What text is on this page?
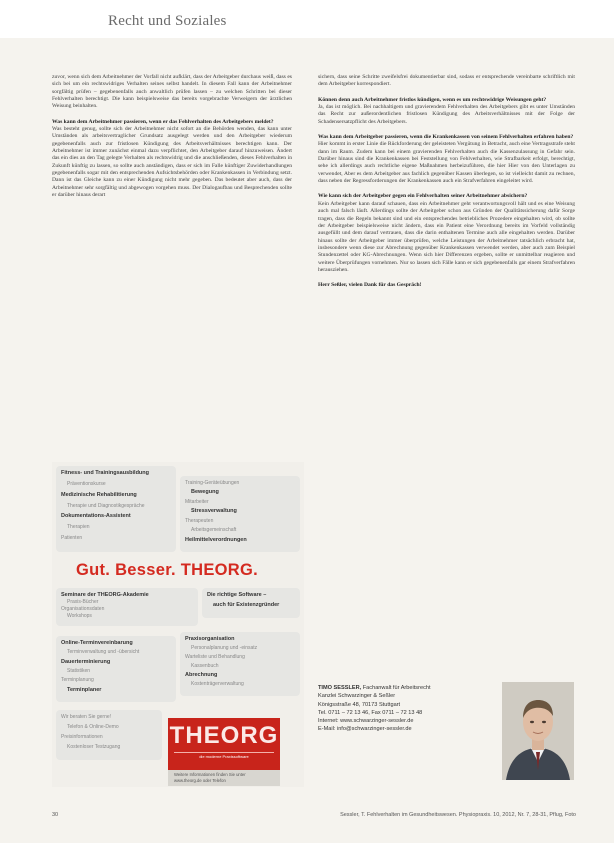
Recht und Soziales

zuvor, wenn sich dem Arbeitnehmer der Vorfall nicht aufklärt, dass der Arbeitgeber durchaus weiß, dass es sich bei um ein rechtswidriges Verhalten seines selbst handelt. In diesem Fall kann der Arbeitnehmer sorgfältig prüfen – gegebenenfalls auch anwaltlich prüfen lassen – zu welchen Schritten bei dieser Fehlverhalten berechtigt. Die kann beispielsweise das bereits vorgebrachte Verweigern der ärztlichen Weisung beinhalten.

Was kann dem Arbeitnehmer passieren, wenn er das Fehlverhalten des Arbeitgebers meldet?

Was besteht genug, sollte sich der Arbeitnehmer nicht sofort an die Behörden wenden, das kann unter Umständen als arbeitsvertraglicher Grundsatz ausgelegt werden und den Arbeitgeber wiederum gegebenenfalls auch zur fristlosen Kündigung des Arbeitsverhältnisses berechtigen kann. Der Arbeitnehmer ist immer zunächst einmal dazu verpflichtet, den Arbeitgeber darauf hinzuweisen. Ändert das ein dies an den Tag gelegte Verhalten als rechtswidrig und die anschließenden, dieses Fehlverhalten in Zukunft künftig zu lassen, so sollte auch anständigen, dass er sich im Falle künftiger Zuwiderhandlungen gegebenenfalls sogar mit den entsprechenden Aufsichtsbehörden oder Krankenkassen in Verbindung setzt. Dann ist das Gleiche kann zu einer Kündigung nicht mehr gegeben. Das bedeutet aber auch, dass der Arbeitnehmer sehr sorgfältig und abgewogen vorgehen muss. Der Dialogaufbau und Besprechenden sollte er darüber hinaus derart

sichern, dass seine Schritte zweifelsfrei dokumentierbar sind, sodass er entsprechende vereinbarte schriftlich mit dem Arbeitgeber korrespondiert.

Können denn auch Arbeitnehmer fristlos kündigen, wenn es um rechtswidrige Weisungen geht?

Ja, das ist möglich. Bei nachhaltigem und gravierendem Fehlverhalten des Arbeitgebers gibt es unter Umständen das Recht zur außerordentlichen fristlosen Kündigung des Arbeitsverhältnisses mit der Folge der Schadensersatzpflicht des Arbeitgebers.

Was kann dem Arbeitgeber passieren, wenn die Krankenkassen von seinem Fehlverhalten erfahren haben?

Hier kommt in erster Linie die Rückforderung der geleisteten Vergütung in Betracht, auch eine Vertragsstrafe steht dann im Raum. Zudem kann bei einem gravierenden Fehlverhalten auch die Kassenzulassung in Gefahr sein. Darüber hinaus sind die Krankenkassen bei Feststellung von Fehlverhalten, wie Strafbarkeit erfolgt, berechtigt, sehe ich allerdings auch rechtliche eigene Maßnahmen herbeizuführen, die hier Hier von den Unterlagen zu verwendet, Aber es dem Arbeitgeber aus fachlich gegenüber Kassen überlegen, so ist vielleicht damit zu rechnen, dass neben der Regressforderungen der Krankenkassen auch ein Strafverfahren eingeleitet wird.

Wie kann sich der Arbeitgeber gegen ein Fehlverhalten seiner Arbeitnehmer absichern?

Kein Arbeitgeber kann darauf schauen, dass ein Arbeitnehmer geht verantwortungsvoll hält und es eine Weisung auch mal falsch läuft. Allerdings sollte der Arbeitgeber schon aus Gründen der Qualitätssicherung dafür Sorge tragen, dass die Regeln bekannt sind und ein entsprechendes betriebliches Prozedere eingehalten wird, ob sollte der Arbeitgeber beispielsweise nicht ändern, dass ein Patient eine Verordnung bereits im Vorfeld vollständig ausgefüllt und dem darauf vertrauen, dass die darin enthaltenen Termine auch alle eingehalten werden. Darüber hinaus sollte der Arbeitgeber immer überprüfen, welche Leistungen der Arbeitnehmer tatsächlich erbracht hat, insbesondere wenn diese zur Abrechnung gegenüber Krankenkassen verwendet werden, aber auch zum Beispiel Stundenzettel oder KG-Abrechnungen. Wenn sich hier Differenzen ergeben, sollte er unmittelbar reagieren und weitere Überprüfungen vornehmen. Nur so lassen sich Fälle kann er sich gegebenenfalls gar einem Strafverfahren herausziehen.

Herr Seßler, vielen Dank für das Gespräch!

Fitness- und Trainingsausbildung
Präventionskurse
Medizinische Rehabilitierung
Therapie und Diagnostikgespräche
Dokumentations-Assistent
Therapien
Patienten
Training-Geräteübungen
Bewegung
Mitarbeiter
Stressverwaltung
Therapeuten
Arbeitsgemeinschaft
Heilmittelverordnungen
Gut. Besser. THEORG.
Seminare der THEORG-Akademie
Praxis-Bücher
Organisationsdaten
Workshops
Die richtige Software –
auch für Existenzgründer
Online-Terminvereinbarung
Terminverwaltung und -übersicht
Dauerterminierung
Statistiken
Terminplanung
Terminplaner
Praxisorganisation
Personalplanung und -einsatz
Warteliste und Behandlung
Kassenbuch
Abrechnung
Kostenträgerverwaltung
Wir beraten Sie gerne!
Telefon & Online-Demo
Preisinformationen
Kostenloser Testzugang THEORG
die moderne Praxissoftware
Weitere Informationen finden Sie unter
www.theorg.de oder Telefon
TIMO SESSLER, Fachanwalt für Arbeitsrecht
Kanzlei Schwarzinger & Seßler
Königsstraße 48, 70173 Stuttgart
Tel. 0711 – 72 13 46, Fax 0711 – 72 13 48
Internet: www.schwarzinger-sessler.de
E-Mail: info@schwarzinger-sessler.de
30	Sessler, T. Fehlverhalten im Gesundheitswesen. Physiopraxis. 10, 2012, Nr. 7, 28-31, Pflug, Foto
